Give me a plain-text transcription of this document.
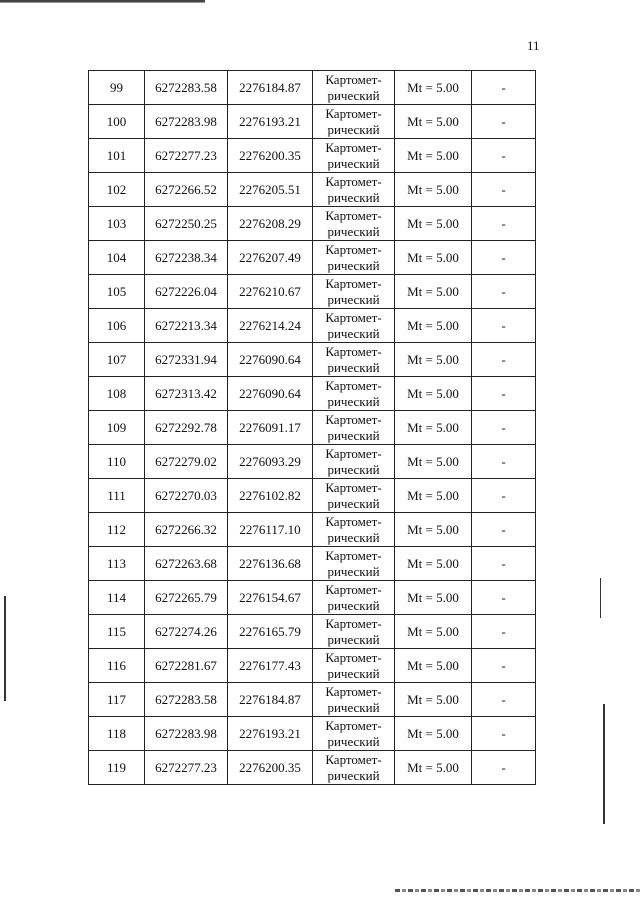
11
99	6272283.58	2276184.87	Картомет-
рический	Mt = 5.00	-
100	6272283.98	2276193.21	Картомет-
рический	Mt = 5.00	-
101	6272277.23	2276200.35	Картомет-
рический	Mt = 5.00	-
102	6272266.52	2276205.51	Картомет-
рический	Mt = 5.00	-
103	6272250.25	2276208.29	Картомет-
рический	Mt = 5.00	-
104	6272238.34	2276207.49	Картомет-
рический	Mt = 5.00	-
105	6272226.04	2276210.67	Картомет-
рический	Mt = 5.00	-
106	6272213.34	2276214.24	Картомет-
рический	Mt = 5.00	-
107	6272331.94	2276090.64	Картомет-
рический	Mt = 5.00	-
108	6272313.42	2276090.64	Картомет-
рический	Mt = 5.00	-
109	6272292.78	2276091.17	Картомет-
рический	Mt = 5.00	-
110	6272279.02	2276093.29	Картомет-
рический	Mt = 5.00	-
111	6272270.03	2276102.82	Картомет-
рический	Mt = 5.00	-
112	6272266.32	2276117.10	Картомет-
рический	Mt = 5.00	-
113	6272263.68	2276136.68	Картомет-
рический	Mt = 5.00	-
114	6272265.79	2276154.67	Картомет-
рический	Mt = 5.00	-
115	6272274.26	2276165.79	Картомет-
рический	Mt = 5.00	-
116	6272281.67	2276177.43	Картомет-
рический	Mt = 5.00	-
117	6272283.58	2276184.87	Картомет-
рический	Mt = 5.00	-
118	6272283.98	2276193.21	Картомет-
рический	Mt = 5.00	-
119	6272277.23	2276200.35	Картомет-
рический	Mt = 5.00	-
